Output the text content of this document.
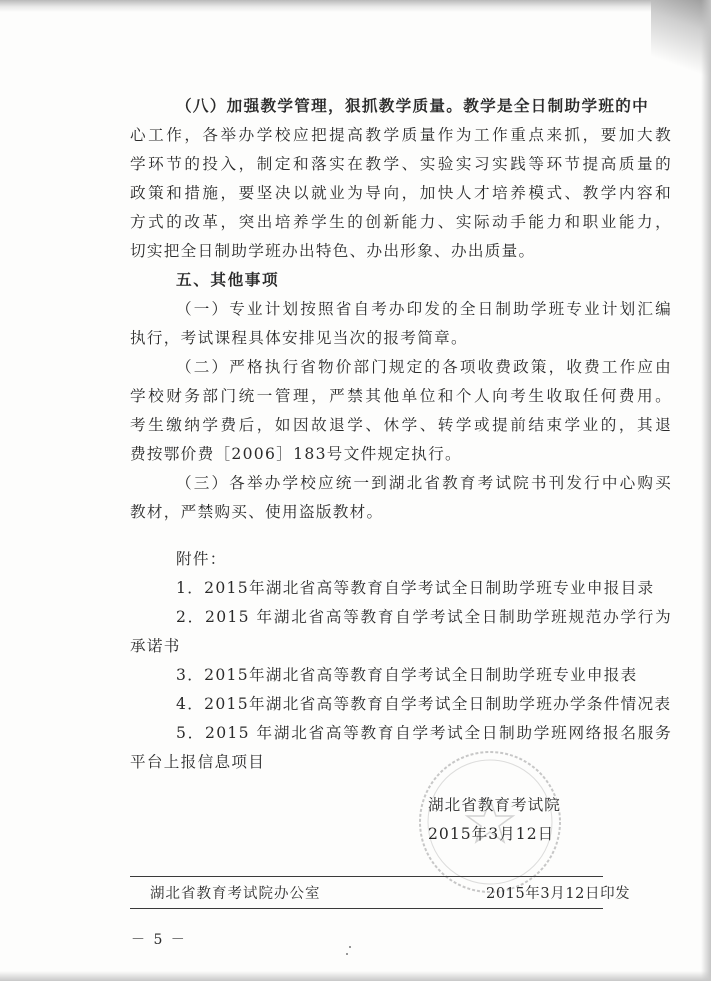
（八）加强教学管理，狠抓教学质量。教学是全日制助学班的中
心工作，各举办学校应把提高教学质量作为工作重点来抓，要加大教
学环节的投入，制定和落实在教学、实验实习实践等环节提高质量的
政策和措施，要坚决以就业为导向，加快人才培养模式、教学内容和
方式的改革，突出培养学生的创新能力、实际动手能力和职业能力，
切实把全日制助学班办出特色、办出形象、办出质量。
五、其他事项
（一）专业计划按照省自考办印发的全日制助学班专业计划汇编
执行，考试课程具体安排见当次的报考简章。
（二）严格执行省物价部门规定的各项收费政策，收费工作应由
学校财务部门统一管理，严禁其他单位和个人向考生收取任何费用。
考生缴纳学费后，如因故退学、休学、转学或提前结束学业的，其退
费按鄂价费［2006］183号文件规定执行。
（三）各举办学校应统一到湖北省教育考试院书刊发行中心购买
教材，严禁购买、使用盗版教材。
附件：
1．2015年湖北省高等教育自学考试全日制助学班专业申报目录
2．2015 年湖北省高等教育自学考试全日制助学班规范办学行为
承诺书
3．2015年湖北省高等教育自学考试全日制助学班专业申报表
4．2015年湖北省高等教育自学考试全日制助学班办学条件情况表
5．2015 年湖北省高等教育自学考试全日制助学班网络报名服务
平台上报信息项目
湖北省教育考试院
2015年3月12日
湖北省教育考试院办公室	2015年3月12日印发
－ 5 －
